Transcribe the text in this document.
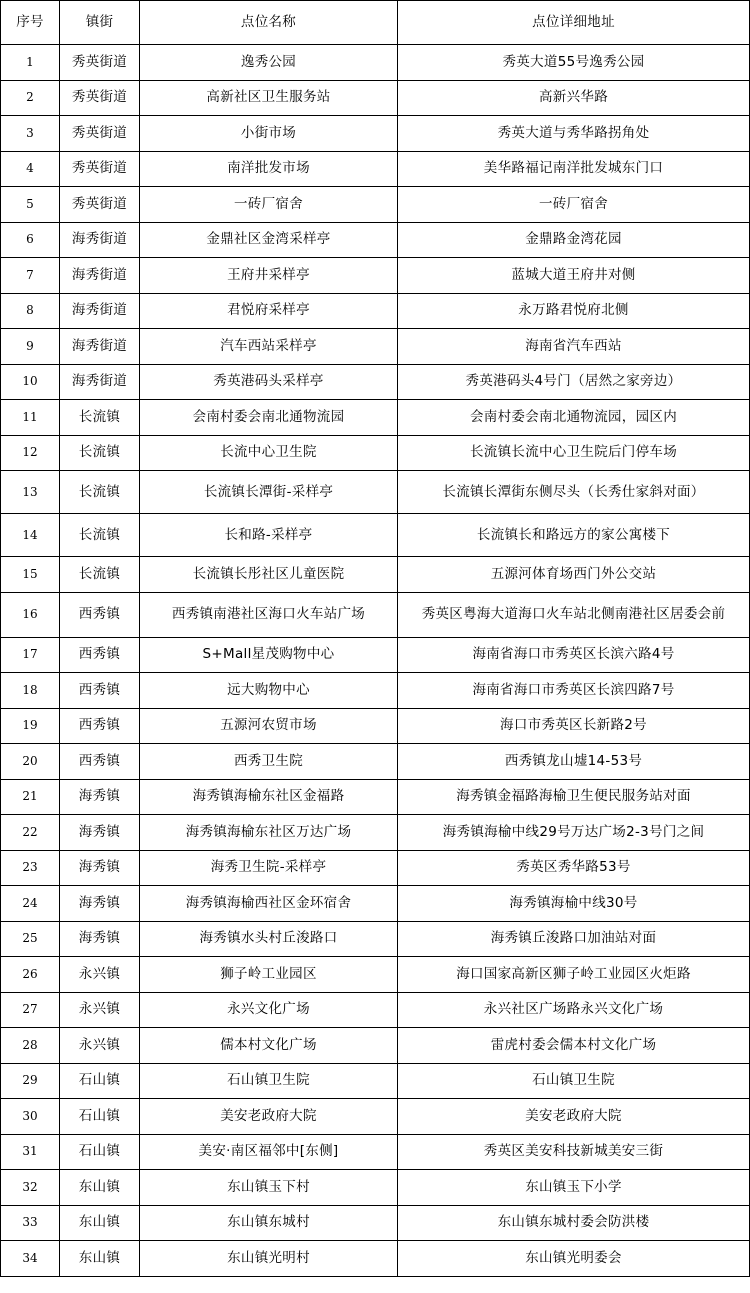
序号	镇街	点位名称	点位详细地址
1	秀英街道	逸秀公园	秀英大道55号逸秀公园
2	秀英街道	高新社区卫生服务站	高新兴华路
3	秀英街道	小街市场	秀英大道与秀华路拐角处
4	秀英街道	南洋批发市场	美华路福记南洋批发城东门口
5	秀英街道	一砖厂宿舍	一砖厂宿舍
6	海秀街道	金鼎社区金湾采样亭	金鼎路金湾花园
7	海秀街道	王府井采样亭	蓝城大道王府井对侧
8	海秀街道	君悦府采样亭	永万路君悦府北侧
9	海秀街道	汽车西站采样亭	海南省汽车西站
10	海秀街道	秀英港码头采样亭	秀英港码头4号门（居然之家旁边）
11	长流镇	会南村委会南北通物流园	会南村委会南北通物流园，园区内
12	长流镇	长流中心卫生院	长流镇长流中心卫生院后门停车场
13	长流镇	长流镇长潭街-采样亭	长流镇长潭街东侧尽头（长秀仕家斜对面）
14	长流镇	长和路-采样亭	长流镇长和路远方的家公寓楼下
15	长流镇	长流镇长彤社区儿童医院	五源河体育场西门外公交站
16	西秀镇	西秀镇南港社区海口火车站广场	秀英区粤海大道海口火车站北侧南港社区居委会前
17	西秀镇	S+Mall星茂购物中心	海南省海口市秀英区长滨六路4号
18	西秀镇	远大购物中心	海南省海口市秀英区长滨四路7号
19	西秀镇	五源河农贸市场	海口市秀英区长新路2号
20	西秀镇	西秀卫生院	西秀镇龙山墟14-53号
21	海秀镇	海秀镇海榆东社区金福路	海秀镇金福路海榆卫生便民服务站对面
22	海秀镇	海秀镇海榆东社区万达广场	海秀镇海榆中线29号万达广场2-3号门之间
23	海秀镇	海秀卫生院-采样亭	秀英区秀华路53号
24	海秀镇	海秀镇海榆西社区金环宿舍	海秀镇海榆中线30号
25	海秀镇	海秀镇水头村丘浚路口	海秀镇丘浚路口加油站对面
26	永兴镇	狮子岭工业园区	海口国家高新区狮子岭工业园区火炬路
27	永兴镇	永兴文化广场	永兴社区广场路永兴文化广场
28	永兴镇	儒本村文化广场	雷虎村委会儒本村文化广场
29	石山镇	石山镇卫生院	石山镇卫生院
30	石山镇	美安老政府大院	美安老政府大院
31	石山镇	美安·南区福邻中[东侧]	秀英区美安科技新城美安三街
32	东山镇	东山镇玉下村	东山镇玉下小学
33	东山镇	东山镇东城村	东山镇东城村委会防洪楼
34	东山镇	东山镇光明村	东山镇光明委会
